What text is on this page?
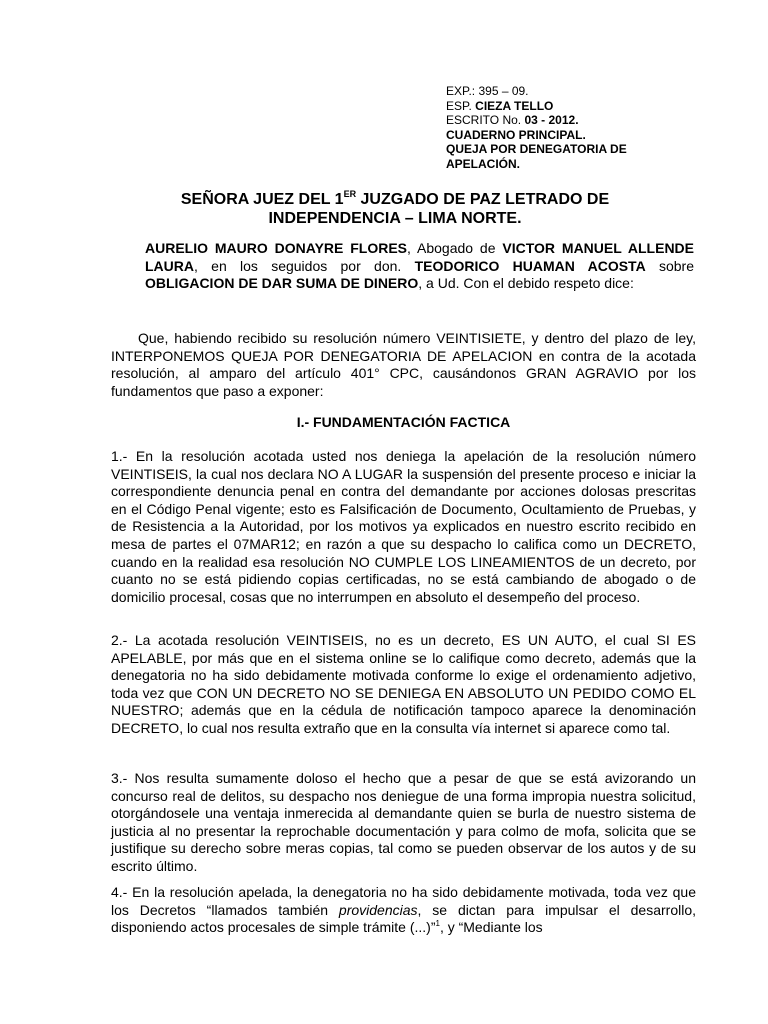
EXP.: 395 – 09.
ESP. CIEZA TELLO
ESCRITO No. 03 - 2012.
CUADERNO PRINCIPAL.
QUEJA POR DENEGATORIA DE
APELACIÓN.
SEÑORA JUEZ DEL 1ER JUZGADO DE PAZ LETRADO DE
INDEPENDENCIA – LIMA NORTE.
AURELIO MAURO DONAYRE FLORES, Abogado de VICTOR MANUEL ALLENDE LAURA, en los seguidos por don. TEODORICO HUAMAN ACOSTA sobre OBLIGACION DE DAR SUMA DE DINERO, a Ud. Con el debido respeto dice:
Que, habiendo recibido su resolución número VEINTISIETE, y dentro del plazo de ley, INTERPONEMOS QUEJA POR DENEGATORIA DE APELACION en contra de la acotada resolución, al amparo del artículo 401° CPC, causándonos GRAN AGRAVIO por los fundamentos que paso a exponer:
I.- FUNDAMENTACIÓN FACTICA
1.- En la resolución acotada usted nos deniega la apelación de la resolución número VEINTISEIS, la cual nos declara NO A LUGAR la suspensión del presente proceso e iniciar la correspondiente denuncia penal en contra del demandante por acciones dolosas prescritas en el Código Penal vigente; esto es Falsificación de Documento, Ocultamiento de Pruebas, y de Resistencia a la Autoridad, por los motivos ya explicados en nuestro escrito recibido en mesa de partes el 07MAR12; en razón a que su despacho lo califica como un DECRETO, cuando en la realidad esa resolución NO CUMPLE LOS LINEAMIENTOS de un decreto, por cuanto no se está pidiendo copias certificadas, no se está cambiando de abogado o de domicilio procesal, cosas que no interrumpen en absoluto el desempeño del proceso.
2.- La acotada resolución VEINTISEIS, no es un decreto, ES UN AUTO, el cual SI ES APELABLE, por más que en el sistema online se lo califique como decreto, además que la denegatoria no ha sido debidamente motivada conforme lo exige el ordenamiento adjetivo, toda vez que CON UN DECRETO NO SE DENIEGA EN ABSOLUTO UN PEDIDO COMO EL NUESTRO; además que en la cédula de notificación tampoco aparece la denominación DECRETO, lo cual nos resulta extraño que en la consulta vía internet si aparece como tal.
3.- Nos resulta sumamente doloso el hecho que a pesar de que se está avizorando un concurso real de delitos, su despacho nos deniegue de una forma impropia nuestra solicitud, otorgándosele una ventaja inmerecida al demandante quien se burla de nuestro sistema de justicia al no presentar la reprochable documentación y para colmo de mofa, solicita que se justifique su derecho sobre meras copias, tal como se pueden observar de los autos y de su escrito último.
4.- En la resolución apelada, la denegatoria no ha sido debidamente motivada, toda vez que los Decretos “llamados también providencias, se dictan para impulsar el desarrollo, disponiendo actos procesales de simple trámite (...)”$^1$, y “Mediante los
